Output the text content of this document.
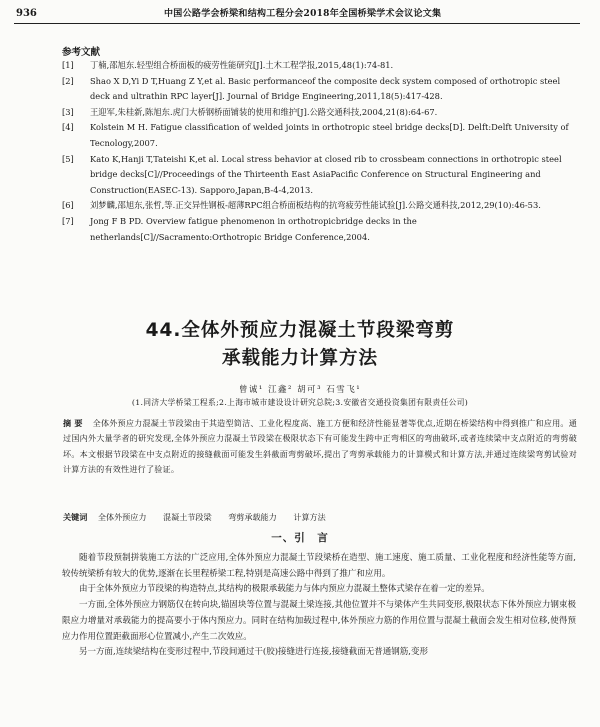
936	中国公路学会桥梁和结构工程分会2018年全国桥梁学术会议论文集
参考文献
[1] 丁楠,邵旭东.轻型组合桥面板的疲劳性能研究[J].土木工程学报,2015,48(1):74-81.
[2] Shao X D,Yi D T,Huang Z Y,et al. Basic performanceof the composite deck system composed of orthotropic steel deck and ultrathin RPC layer[J]. Journal of Bridge Engineering,2011,18(5):417-428.
[3] 王迎军,朱桂新,陈旭东.虎门大桥钢桥面铺装的使用和维护[J].公路交通科技,2004,21(8):64-67.
[4] Kolstein M H. Fatigue classification of welded joints in orthotropic steel bridge decks[D]. Delft:Delft University of Tecnology,2007.
[5] Kato K,Hanji T,Tateishi K,et al. Local stress behavior at closed rib to crossbeam connections in orthotropic steel bridge decks[C]//Proceedings of the Thirteenth East AsiaPacific Conference on Structural Engineering and Construction(EASEC-13). Sapporo,Japan,B-4-4,2013.
[6] 刘梦麟,邵旭东,张哲,等.正交异性钢板-超薄RPC组合桥面板结构的抗弯疲劳性能试验[J].公路交通科技,2012,29(10):46-53.
[7] Jong F B PD. Overview fatigue phenomenon in orthotropicbridge decks in the netherlands[C]//Sacramento:Orthotropic Bridge Conference,2004.
44.全体外预应力混凝土节段梁弯剪
承载能力计算方法
曾诚¹ 江鑫² 胡可³ 石雪飞¹
(1.同济大学桥梁工程系;2.上海市城市建设设计研究总院;3.安徽省交通投资集团有限责任公司)
摘 要 全体外预应力混凝土节段梁由于其造型简洁、工业化程度高、施工方便和经济性能显著等优点,近期在桥梁结构中得到推广和应用。通过国内外大量学者的研究发现,全体外预应力混凝土节段梁在极限状态下有可能发生跨中正弯相区的弯曲破坏,或者连续梁中支点附近的弯剪破坏。本文根据节段梁在中支点附近的接缝截面可能发生斜截面弯剪破坏,提出了弯剪承载能力的计算模式和计算方法,并通过连续梁弯剪试验对计算方法的有效性进行了验证。
关键词 全体外预应力 混凝土节段梁 弯剪承载能力 计算方法
一、引　言

随着节段预制拼装施工方法的广泛应用,全体外预应力混凝土节段梁桥在造型、施工速度、施工质量、工业化程度和经济性能等方面,较传统梁桥有较大的优势,逐渐在长里程桥梁工程,特别是高速公路中得到了推广和应用。

由于全体外预应力节段梁的构造特点,其结构的极限承载能力与体内预应力混凝土整体式梁存在着一定的差异。

一方面,全体外预应力钢筋仅在转向块,锚固块等位置与混凝土梁连接,其他位置并不与梁体产生共同变形,极限状态下体外预应力钢束极限应力增量对承载能力的提高要小于体内预应力。同时在结构加载过程中,体外预应力筋的作用位置与混凝土截面会发生相对位移,使得预应力作用位置距截面形心位置减小,产生二次效应。

另一方面,连续梁结构在变形过程中,节段间通过干(胶)接缝进行连接,接缝截面无普通钢筋,变形
